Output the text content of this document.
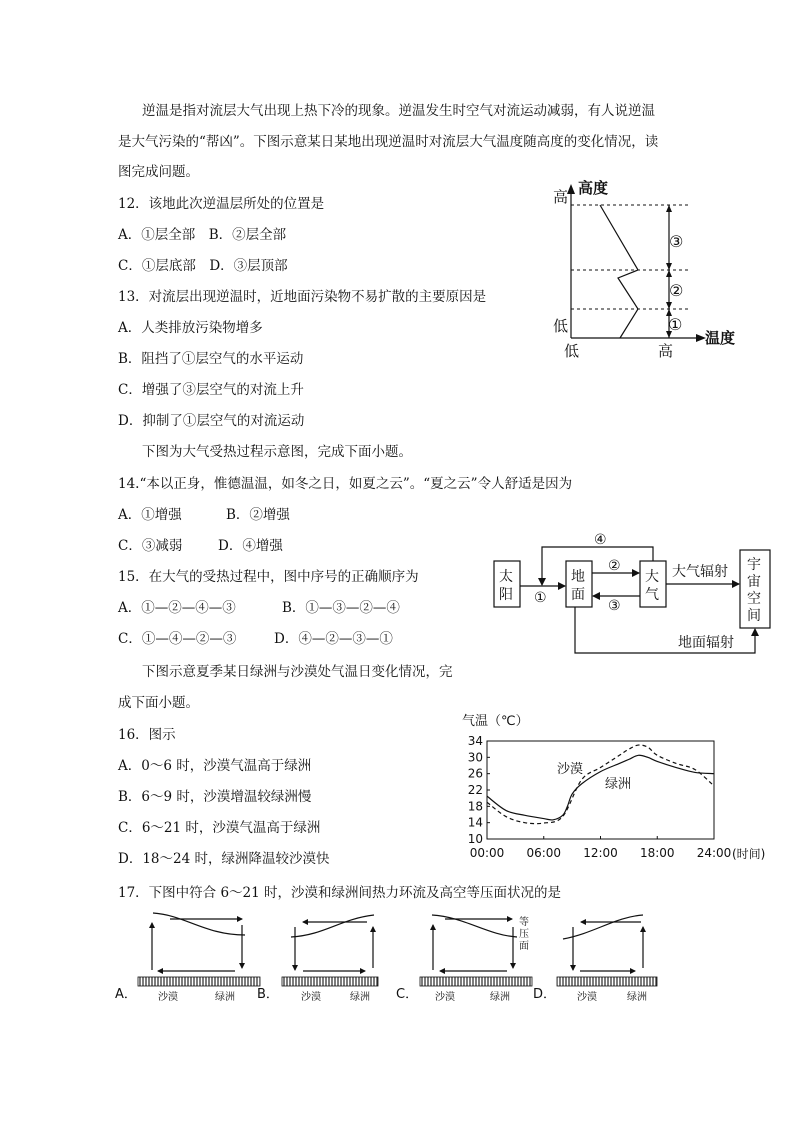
逆温是指对流层大气出现上热下冷的现象。逆温发生时空气对流运动减弱，有人说逆温
是大气污染的“帮凶”。下图示意某日某地出现逆温时对流层大气温度随高度的变化情况，读
图完成问题。
12．该地此次逆温层所处的位置是
A．①层全部　B．②层全部
C．①层底部　D．③层顶部
13．对流层出现逆温时，近地面污染物不易扩散的主要原因是
A．人类排放污染物增多
B．阻挡了①层空气的水平运动
C．增强了③层空气的对流上升
D．抑制了①层空气的对流运动
高 高度
低
低	高
温度
③
②
①
下图为大气受热过程示意图，完成下面小题。
14.“本以正身，惟德温温，如冬之日，如夏之云”。“夏之云”令人舒适是因为
A．①增强	B．②增强
C．③减弱	D．④增强
15．在大气的受热过程中，图中序号的正确顺序为
A．①—②—④—③	B．①—③—②—④
C．①—④—②—③	D．④—②—③—①
太
阳
地
面
大
气
宇
宙
空
间
①
②
③
④
大气辐射
地面辐射
下图示意夏季某日绿洲与沙漠处气温日变化情况，完
成下面小题。
16．图示
A．0～6 时，沙漠气温高于绿洲
B．6～9 时，沙漠增温较绿洲慢
C．6～21 时，沙漠气温高于绿洲
D．18～24 时，绿洲降温较沙漠快
气温（℃）
34
30
26
22
18
14
10
00:00 06:00 12:00 18:00 24:00 (时间)
沙漠
绿洲
17．下图中符合 6～21 时，沙漠和绿洲间热力环流及高空等压面状况的是
A． 沙漠	绿洲 B． 沙漠	绿洲 C．
等
压
面
沙漠	绿洲 D． 沙漠	绿洲
